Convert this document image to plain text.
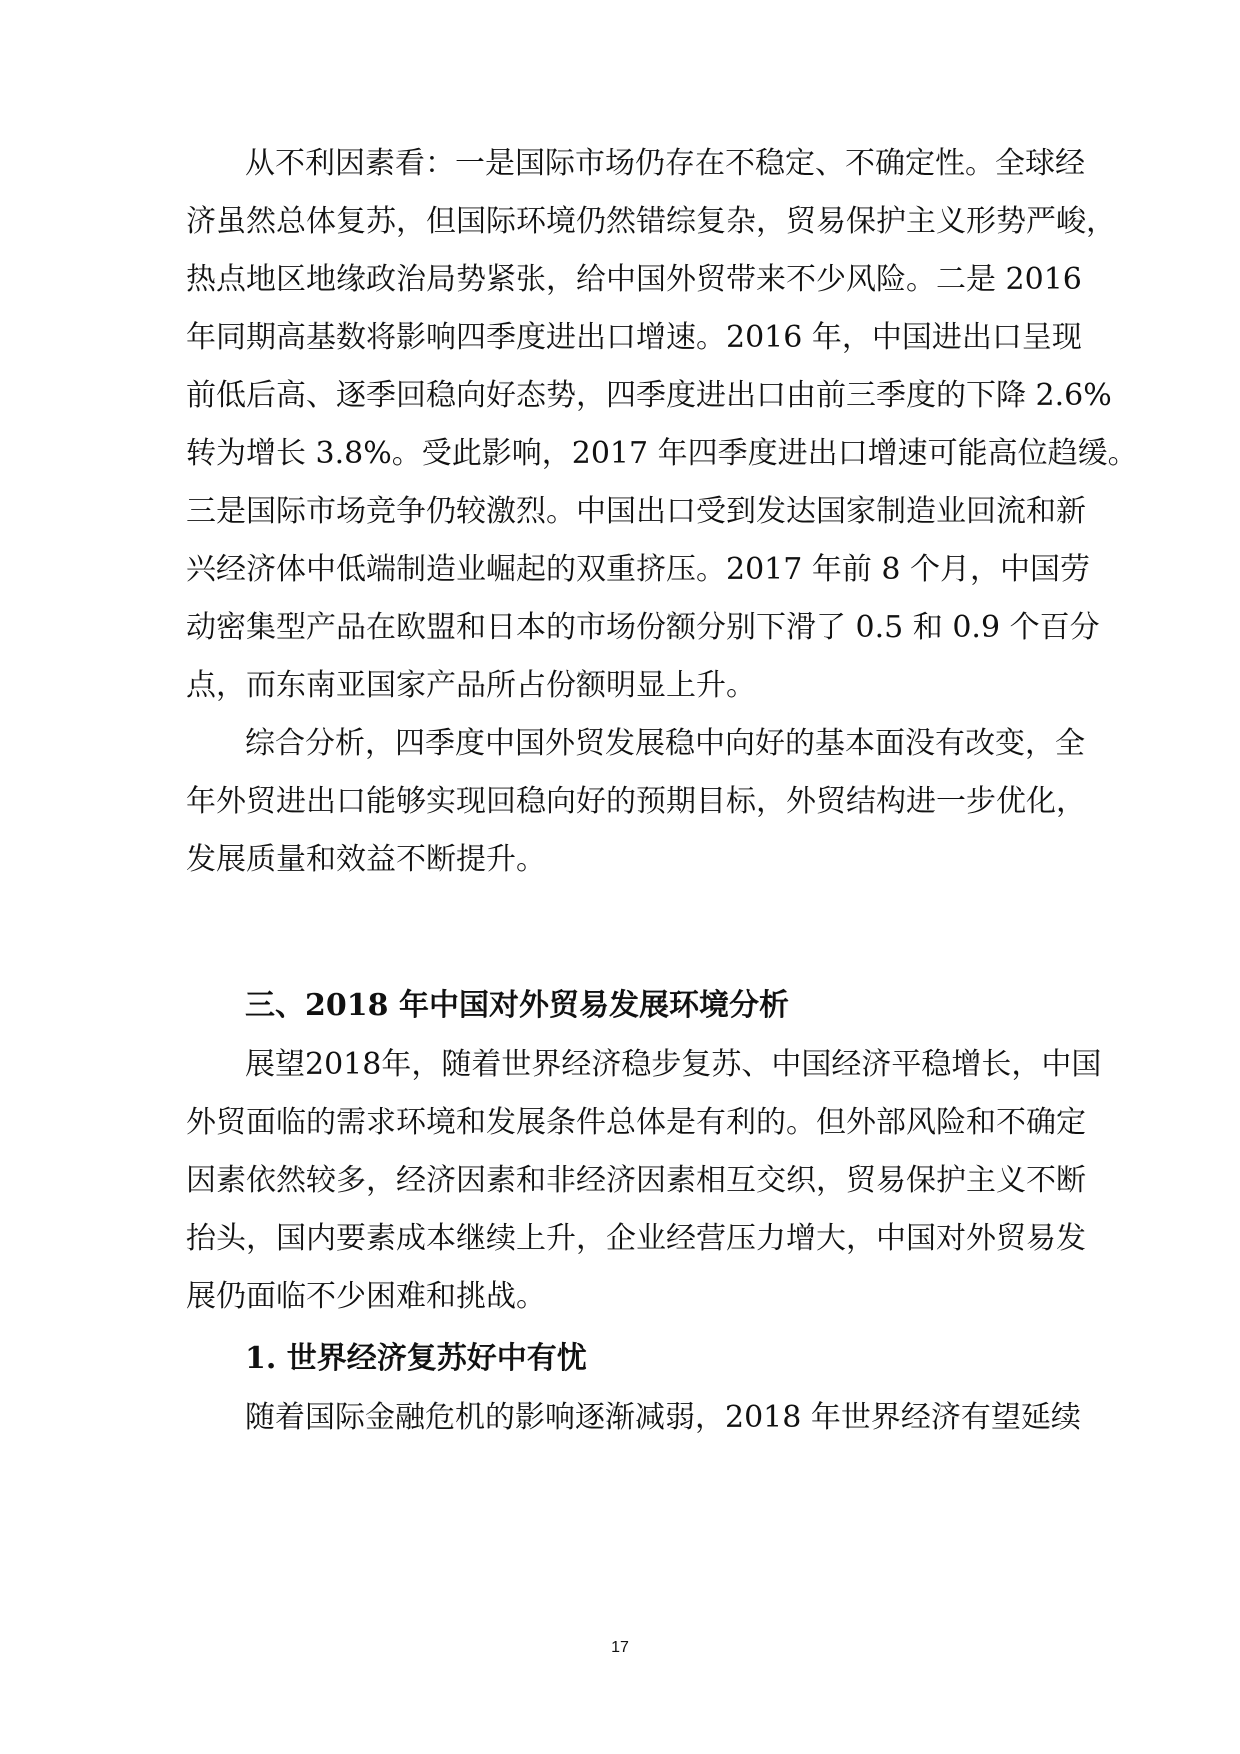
从不利因素看：一是国际市场仍存在不稳定、不确定性。全球经
济虽然总体复苏，但国际环境仍然错综复杂，贸易保护主义形势严峻，
热点地区地缘政治局势紧张，给中国外贸带来不少风险。二是 2016
年同期高基数将影响四季度进出口增速。2016 年，中国进出口呈现
前低后高、逐季回稳向好态势，四季度进出口由前三季度的下降 2.6%
转为增长 3.8%。受此影响，2017 年四季度进出口增速可能高位趋缓。
三是国际市场竞争仍较激烈。中国出口受到发达国家制造业回流和新
兴经济体中低端制造业崛起的双重挤压。2017 年前 8 个月，中国劳
动密集型产品在欧盟和日本的市场份额分别下滑了 0.5 和 0.9 个百分
点，而东南亚国家产品所占份额明显上升。
综合分析，四季度中国外贸发展稳中向好的基本面没有改变，全
年外贸进出口能够实现回稳向好的预期目标，外贸结构进一步优化，
发展质量和效益不断提升。
三、2018 年中国对外贸易发展环境分析
展望2018年，随着世界经济稳步复苏、中国经济平稳增长，中国
外贸面临的需求环境和发展条件总体是有利的。但外部风险和不确定
因素依然较多，经济因素和非经济因素相互交织，贸易保护主义不断
抬头，国内要素成本继续上升，企业经营压力增大，中国对外贸易发
展仍面临不少困难和挑战。
1. 世界经济复苏好中有忧
随着国际金融危机的影响逐渐减弱，2018 年世界经济有望延续
17
